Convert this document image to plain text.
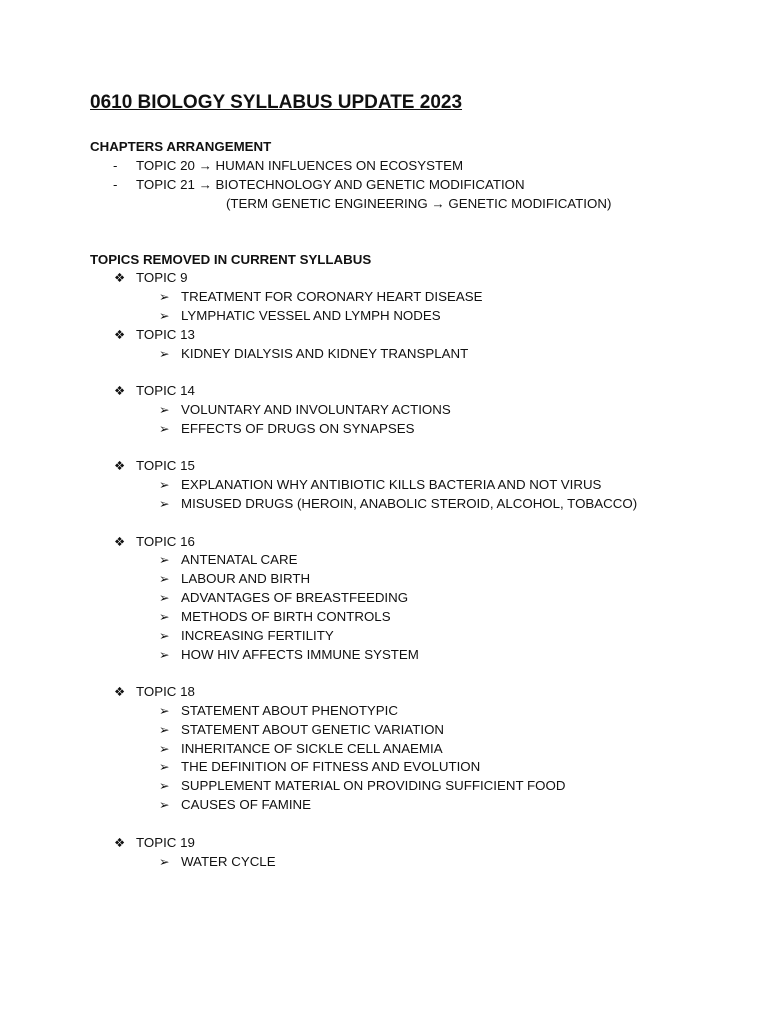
0610 BIOLOGY SYLLABUS UPDATE 2023
CHAPTERS ARRANGEMENT
- TOPIC 20 → HUMAN INFLUENCES ON ECOSYSTEM
- TOPIC 21 → BIOTECHNOLOGY AND GENETIC MODIFICATION
(TERM GENETIC ENGINEERING → GENETIC MODIFICATION)
TOPICS REMOVED IN CURRENT SYLLABUS
❖ TOPIC 9
➢ TREATMENT FOR CORONARY HEART DISEASE
➢ LYMPHATIC VESSEL AND LYMPH NODES
❖ TOPIC 13
➢ KIDNEY DIALYSIS AND KIDNEY TRANSPLANT
❖ TOPIC 14
➢ VOLUNTARY AND INVOLUNTARY ACTIONS
➢ EFFECTS OF DRUGS ON SYNAPSES
❖ TOPIC 15
➢ EXPLANATION WHY ANTIBIOTIC KILLS BACTERIA AND NOT VIRUS
➢ MISUSED DRUGS (HEROIN, ANABOLIC STEROID, ALCOHOL, TOBACCO)
❖ TOPIC 16
➢ ANTENATAL CARE
➢ LABOUR AND BIRTH
➢ ADVANTAGES OF BREASTFEEDING
➢ METHODS OF BIRTH CONTROLS
➢ INCREASING FERTILITY
➢ HOW HIV AFFECTS IMMUNE SYSTEM
❖ TOPIC 18
➢ STATEMENT ABOUT PHENOTYPIC
➢ STATEMENT ABOUT GENETIC VARIATION
➢ INHERITANCE OF SICKLE CELL ANAEMIA
➢ THE DEFINITION OF FITNESS AND EVOLUTION
➢ SUPPLEMENT MATERIAL ON PROVIDING SUFFICIENT FOOD
➢ CAUSES OF FAMINE
❖ TOPIC 19
➢ WATER CYCLE
